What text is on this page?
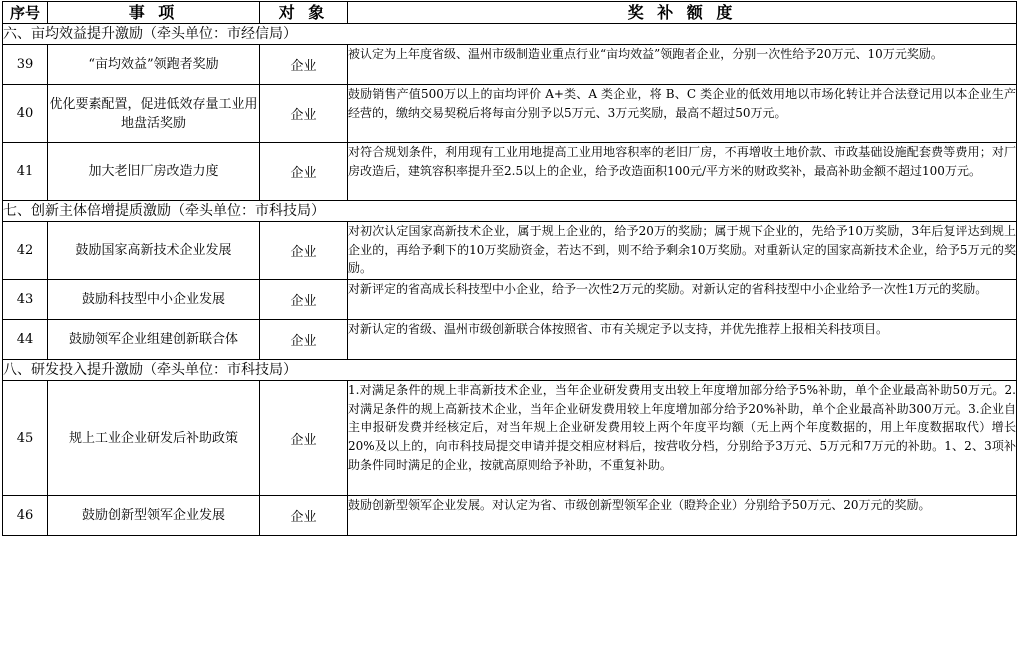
序号	事 项	对 象	奖 补 额 度
六、亩均效益提升激励（牵头单位：市经信局）			
39	“亩均效益”领跑者奖励	企业	被认定为上年度省级、温州市级制造业重点行业“亩均效益”领跑者企业，分别一次性给予20万元、10万元奖励。
40	优化要素配置，促进低效存量工业用地盘活奖励	企业	鼓励销售产值500万以上的亩均评价 A+类、A 类企业，将 B、C 类企业的低效用地以市场化转让并合法登记用以本企业生产经营的，缴纳交易契税后将每亩分别予以5万元、3万元奖励，最高不超过50万元。
41	加大老旧厂房改造力度	企业	对符合规划条件，利用现有工业用地提高工业用地容积率的老旧厂房，不再增收土地价款、市政基础设施配套费等费用；对厂房改造后，建筑容积率提升至2.5以上的企业，给予改造面积100元/平方米的财政奖补，最高补助金额不超过100万元。
七、创新主体倍增提质激励（牵头单位：市科技局）			
42	鼓励国家高新技术企业发展	企业	对初次认定国家高新技术企业，属于规上企业的，给予20万的奖励；属于规下企业的，先给予10万奖励，3年后复评达到规上企业的，再给予剩下的10万奖励资金，若达不到，则不给予剩余10万奖励。对重新认定的国家高新技术企业，给予5万元的奖励。
43	鼓励科技型中小企业发展	企业	对新评定的省高成长科技型中小企业，给予一次性2万元的奖励。对新认定的省科技型中小企业给予一次性1万元的奖励。
44	鼓励领军企业组建创新联合体	企业	对新认定的省级、温州市级创新联合体按照省、市有关规定予以支持，并优先推荐上报相关科技项目。
八、研发投入提升激励（牵头单位：市科技局）			
45	规上工业企业研发后补助政策	企业	1.对满足条件的规上非高新技术企业，当年企业研发费用支出较上年度增加部分给予5%补助，单个企业最高补助50万元。2.对满足条件的规上高新技术企业，当年企业研发费用较上年度增加部分给予20%补助，单个企业最高补助300万元。3.企业自主申报研发费并经核定后，对当年规上企业研发费用较上两个年度平均额（无上两个年度数据的，用上年度数据取代）增长20%及以上的，向市科技局提交申请并提交相应材料后，按营收分档，分别给予3万元、5万元和7万元的补助。1、2、3项补助条件同时满足的企业，按就高原则给予补助，不重复补助。
46	鼓励创新型领军企业发展	企业	鼓励创新型领军企业发展。对认定为省、市级创新型领军企业（瞪羚企业）分别给予50万元、20万元的奖励。
